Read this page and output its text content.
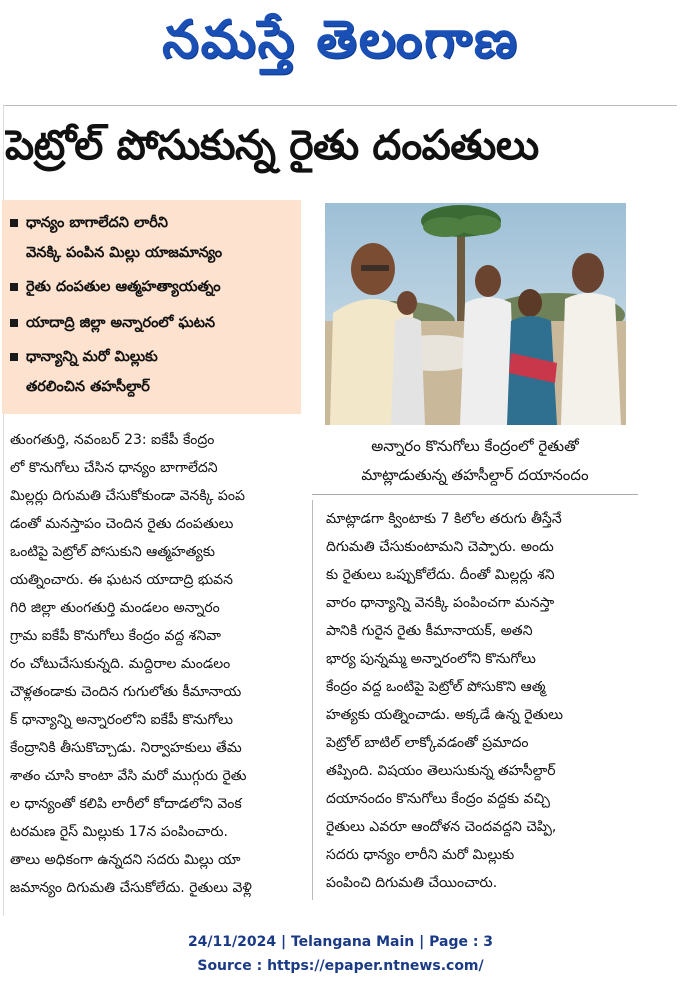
నమస్తే తెలంగాణ
పెట్రోల్ పోసుకున్న రైతు దంపతులు
ధాన్యం బాగాలేదని లారీని
వెనక్కి పంపిన మిల్లు యాజమాన్యం
రైతు దంపతుల ఆత్మహత్యాయత్నం
యాదాద్రి జిల్లా అన్నారంలో ఘటన
ధాన్యాన్ని మరో మిల్లుకు
తరలించిన తహసీల్దార్
అన్నారం కొనుగోలు కేంద్రంలో రైతుతో
మాట్లాడుతున్న తహసీల్దార్ దయానందం
తుంగతుర్తి, నవంబర్ 23: ఐకేపీ కేంద్రం
లో కొనుగోలు చేసిన ధాన్యం బాగాలేదని
మిల్లర్లు దిగుమతి చేసుకోకుండా వెనక్కి పంప
డంతో మనస్తాపం చెందిన రైతు దంపతులు
ఒంటిపై పెట్రోల్ పోసుకుని ఆత్మహత్యకు
యత్నించారు. ఈ ఘటన యాదాద్రి భువన
గిరి జిల్లా తుంగతుర్తి మండలం అన్నారం
గ్రామ ఐకేపీ కొనుగోలు కేంద్రం వద్ద శనివా
రం చోటుచేసుకున్నది. మద్దిరాల మండలం
చౌళ్లతండాకు చెందిన గుగులోతు కీమానాయ
క్ ధాన్యాన్ని అన్నారంలోని ఐకేపీ కొనుగోలు
కేంద్రానికి తీసుకొచ్చాడు. నిర్వాహకులు తేమ
శాతం చూసి కాంటా వేసి మరో ముగ్గురు రైతు
ల ధాన్యంతో కలిపి లారీలో కోదాడలోని వెంక
టరమణ రైస్ మిల్లుకు 17న పంపించారు.
తాలు అధికంగా ఉన్నదని సదరు మిల్లు యా
జమాన్యం దిగుమతి చేసుకోలేదు. రైతులు వెళ్లి
మాట్లాడగా క్వింటాకు 7 కిలోల తరుగు తీస్తేనే
దిగుమతి చేసుకుంటామని చెప్పారు. అందు
కు రైతులు ఒప్పుకోలేదు. దీంతో మిల్లర్లు శని
వారం ధాన్యాన్ని వెనక్కి పంపించగా మనస్తా
పానికి గురైన రైతు కీమానాయక్, అతని
భార్య పున్నమ్మ అన్నారంలోని కొనుగోలు
కేంద్రం వద్ద ఒంటిపై పెట్రోల్ పోసుకొని ఆత్మ
హత్యకు యత్నించాడు. అక్కడే ఉన్న రైతులు
పెట్రోల్ బాటిల్ లాక్కోవడంతో ప్రమాదం
తప్పింది. విషయం తెలుసుకున్న తహసీల్దార్
దయానందం కొనుగోలు కేంద్రం వద్దకు వచ్చి
రైతులు ఎవరూ ఆందోళన చెందవద్దని చెప్పి,
సదరు ధాన్యం లారీని మరో మిల్లుకు
పంపించి దిగుమతి చేయించారు.
24/11/2024 | Telangana Main | Page : 3
Source : https://epaper.ntnews.com/
